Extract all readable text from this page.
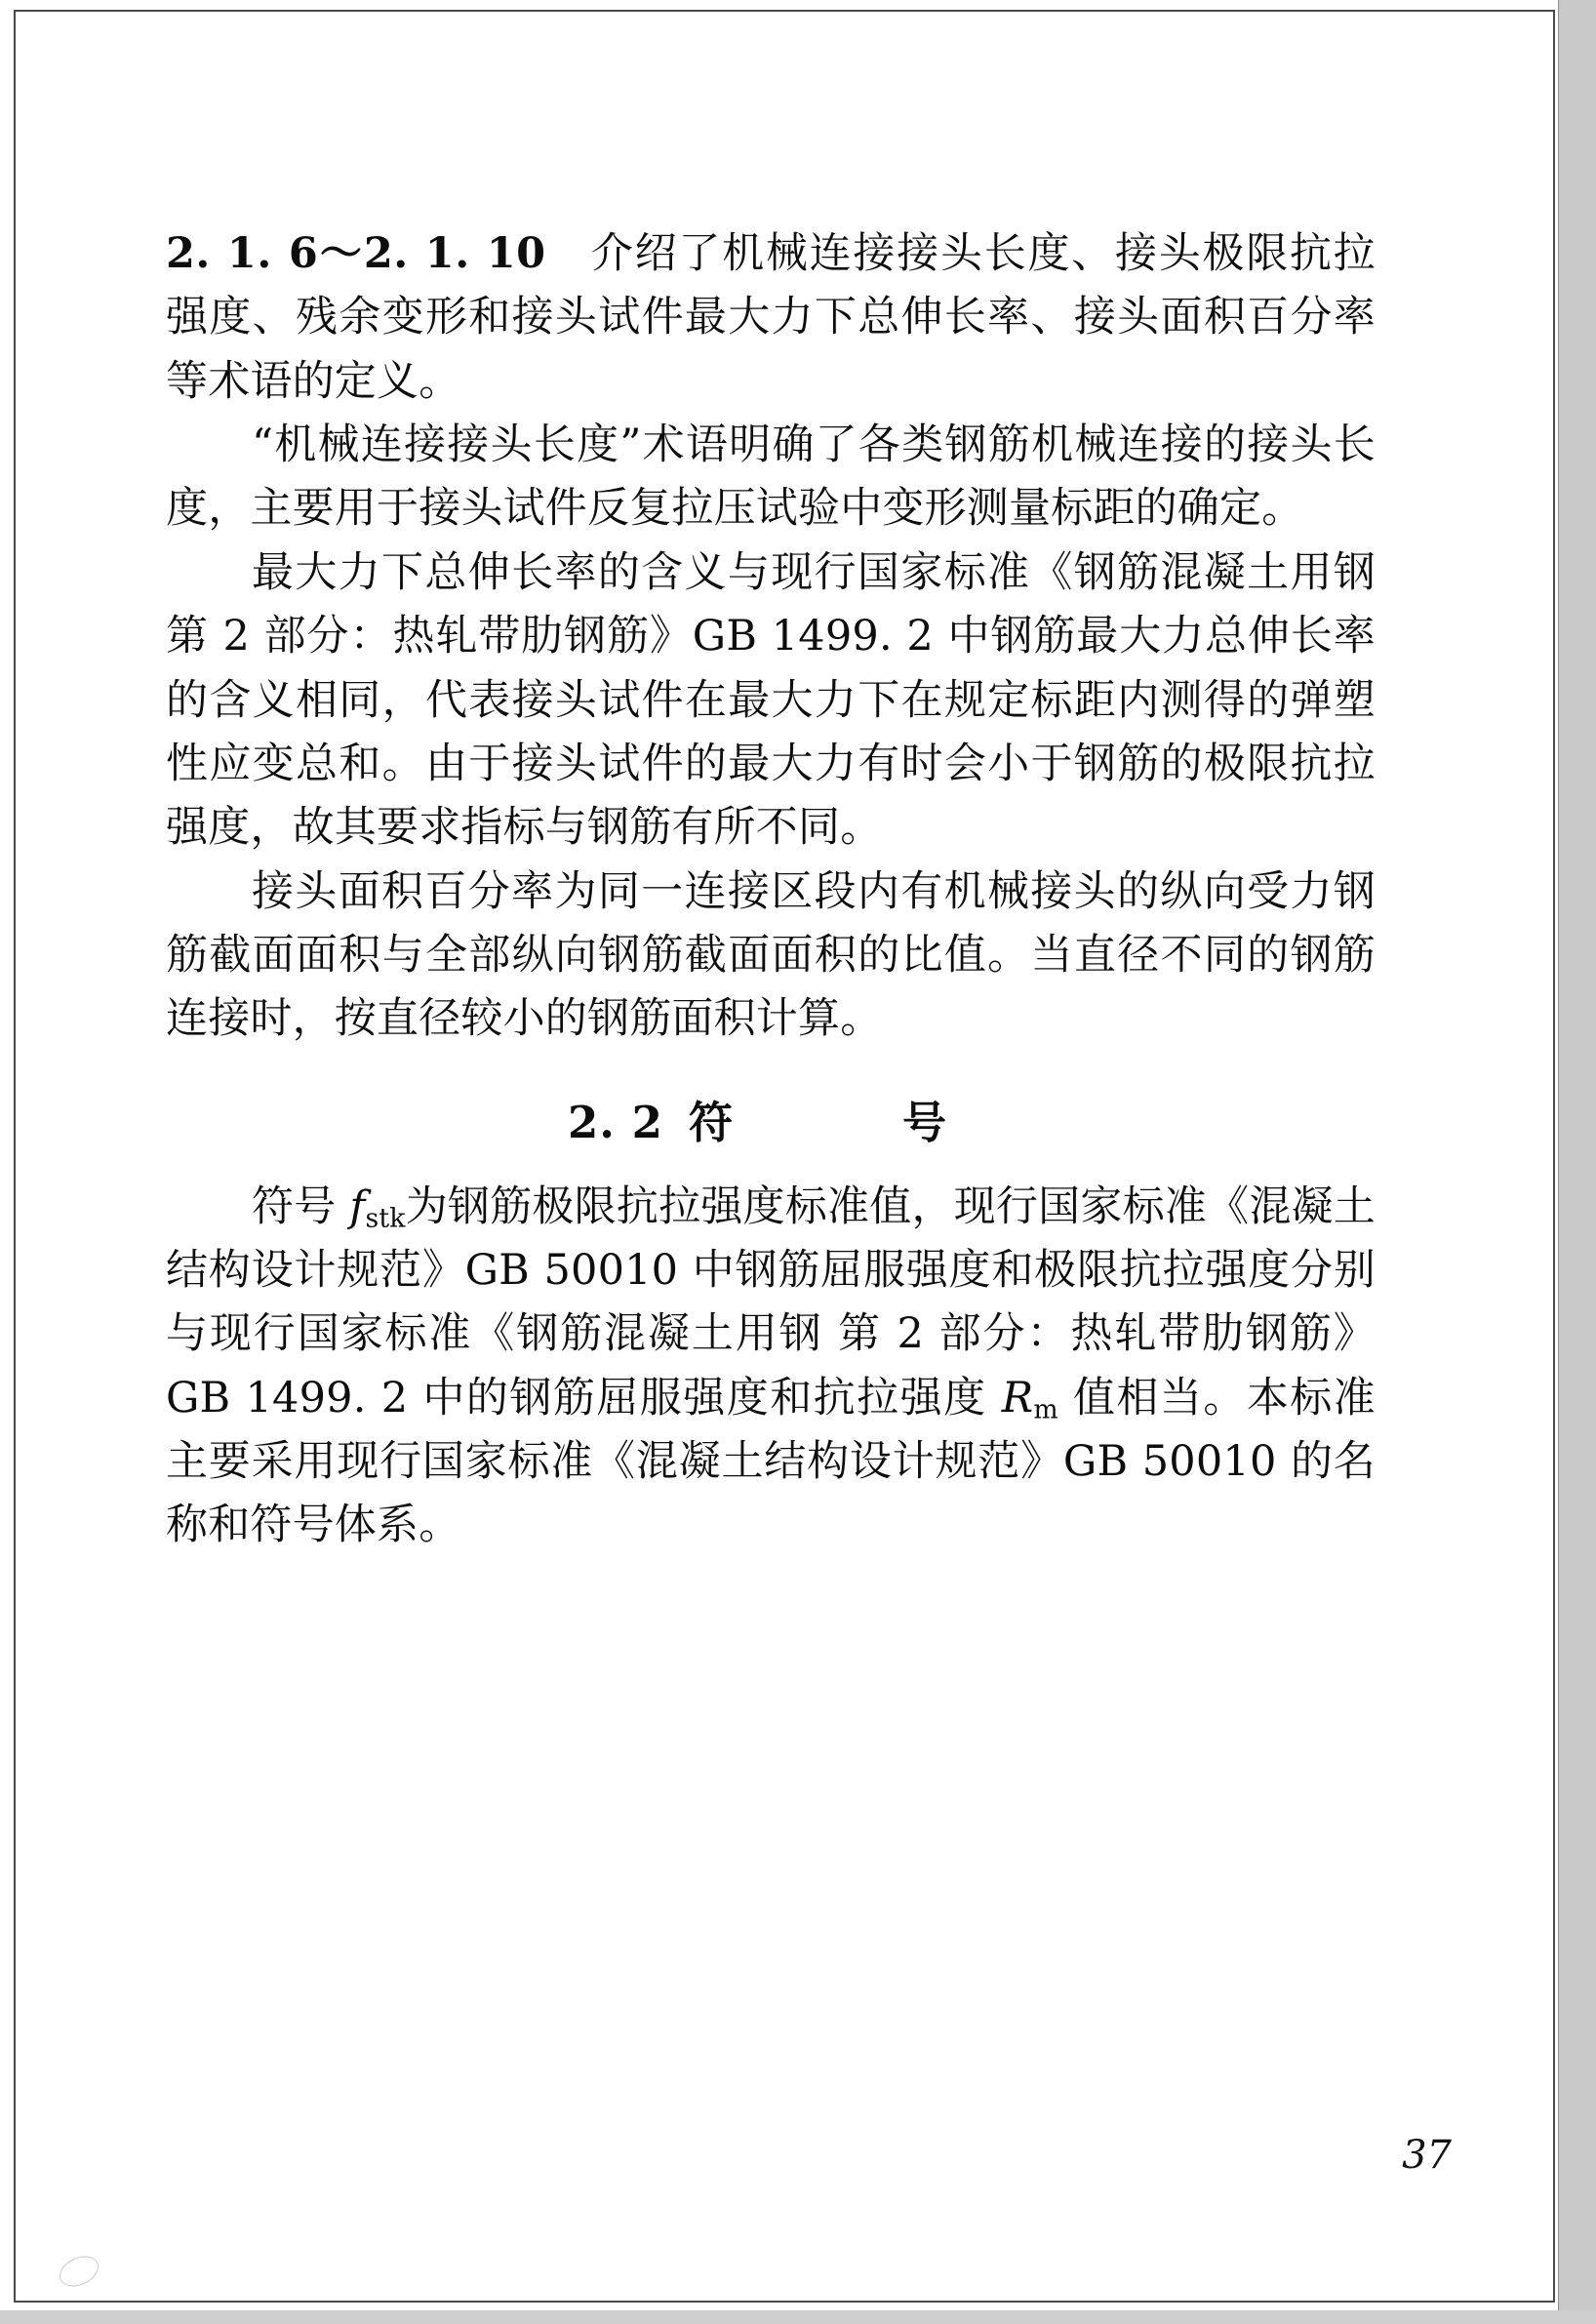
2. 1. 6～2. 1. 10　介绍了机械连接接头长度、接头极限抗拉强度、残余变形和接头试件最大力下总伸长率、接头面积百分率等术语的定义。

“机械连接接头长度”术语明确了各类钢筋机械连接的接头长度，主要用于接头试件反复拉压试验中变形测量标距的确定。

最大力下总伸长率的含义与现行国家标准《钢筋混凝土用钢 第 2 部分：热轧带肋钢筋》GB 1499. 2 中钢筋最大力总伸长率的含义相同，代表接头试件在最大力下在规定标距内测得的弹塑性应变总和。由于接头试件的最大力有时会小于钢筋的极限抗拉强度，故其要求指标与钢筋有所不同。

接头面积百分率为同一连接区段内有机械接头的纵向受力钢筋截面面积与全部纵向钢筋截面面积的比值。当直径不同的钢筋连接时，按直径较小的钢筋面积计算。

2. 2 符　　号

符号 $f_{stk}$为钢筋极限抗拉强度标准值，现行国家标准《混凝土结构设计规范》GB 50010 中钢筋屈服强度和极限抗拉强度分别与现行国家标准《钢筋混凝土用钢 第 2 部分：热轧带肋钢筋》GB 1499. 2 中的钢筋屈服强度和抗拉强度 $R_m$ 值相当。本标准主要采用现行国家标准《混凝土结构设计规范》GB 50010 的名称和符号体系。

37
